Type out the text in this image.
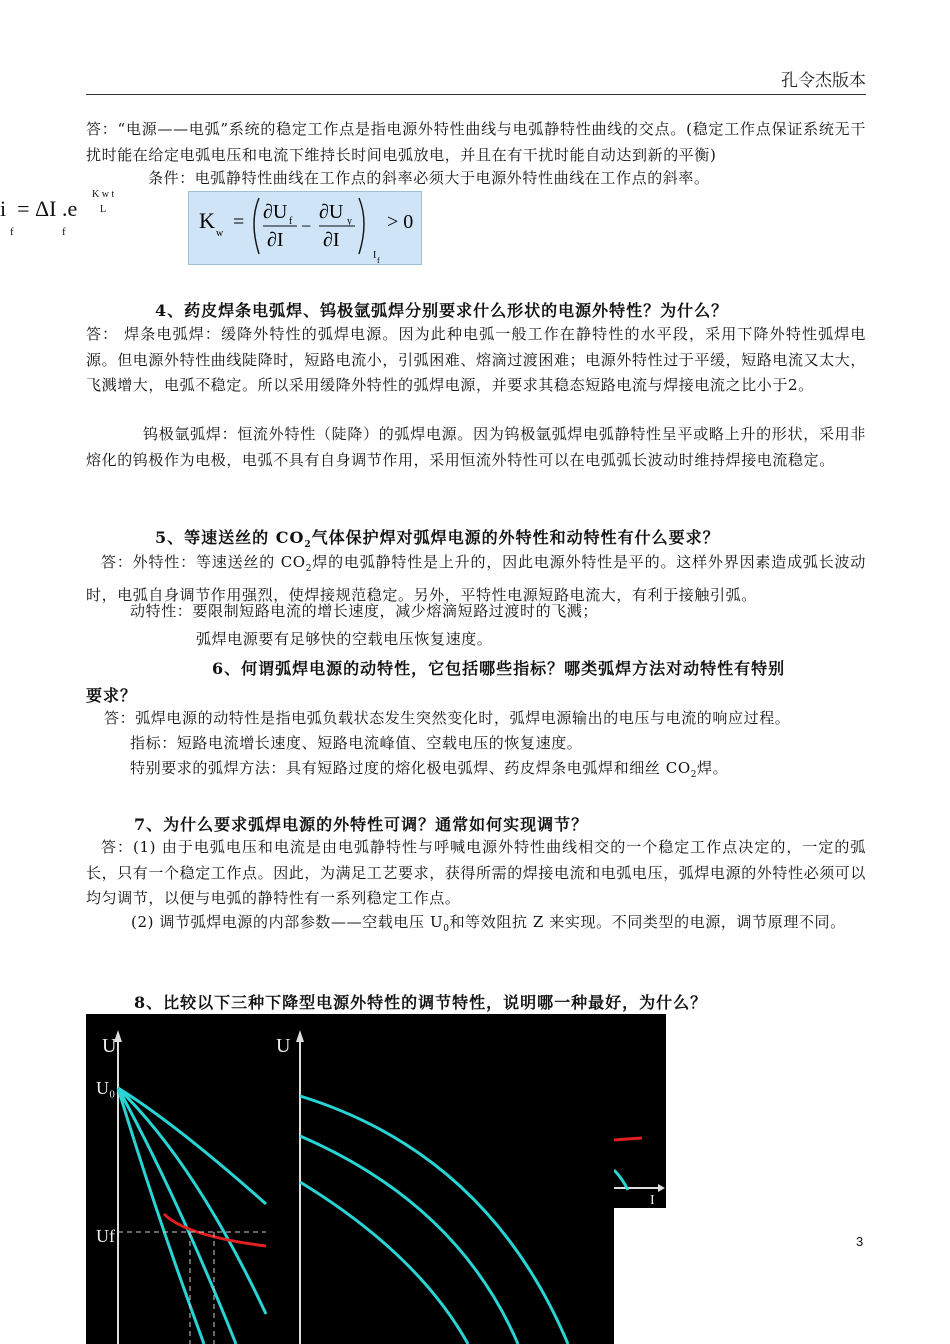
孔令杰版本

答：“电源——电弧”系统的稳定工作点是指电源外特性曲线与电弧静特性曲线的交点。(稳定工作点保证系统无干扰时能在给定电弧电压和电流下维持长时间电弧放电，并且在有干扰时能自动达到新的平衡)

条件：电弧静特性曲线在工作点的斜率必须大于电源外特性曲线在工作点的斜率。

i  = ΔI .e
f	f
K w t
L	K
w
= ∂U f
∂I
−
∂U y
∂I
I f
> 0

4、药皮焊条电弧焊、钨极氩弧焊分别要求什么形状的电源外特性？为什么？

答： 焊条电弧焊：缓降外特性的弧焊电源。因为此种电弧一般工作在静特性的水平段，采用下降外特性弧焊电源。但电源外特性曲线陡降时，短路电流小，引弧困难、熔滴过渡困难；电源外特性过于平缓，短路电流又太大，飞溅增大，电弧不稳定。所以采用缓降外特性的弧焊电源，并要求其稳态短路电流与焊接电流之比小于2。

钨极氩弧焊：恒流外特性（陡降）的弧焊电源。因为钨极氩弧焊电弧静特性呈平或略上升的形状，采用非熔化的钨极作为电极，电弧不具有自身调节作用，采用恒流外特性可以在电弧弧长波动时维持焊接电流稳定。

5、等速送丝的 $CO_2$气体保护焊对弧焊电源的外特性和动特性有什么要求？

答：外特性：等速送丝的 $CO_2$焊的电弧静特性是上升的，因此电源外特性是平的。这样外界因素造成弧长波动时，电弧自身调节作用强烈，使焊接规范稳定。另外，平特性电源短路电流大，有利于接触引弧。

动特性：要限制短路电流的增长速度，减少熔滴短路过渡时的飞溅；

弧焊电源要有足够快的空载电压恢复速度。

6、何谓弧焊电源的动特性，它包括哪些指标？哪类弧焊方法对动特性有特别

要求？

答：弧焊电源的动特性是指电弧负载状态发生突然变化时，弧焊电源输出的电压与电流的响应过程。

指标：短路电流增长速度、短路电流峰值、空载电压的恢复速度。

特别要求的弧焊方法：具有短路过度的熔化极电弧焊、药皮焊条电弧焊和细丝 $CO_2$焊。

7、为什么要求弧焊电源的外特性可调？通常如何实现调节？

答：(1) 由于电弧电压和电流是由电弧静特性与呼喊电源外特性曲线相交的一个稳定工作点决定的，一定的弧长，只有一个稳定工作点。因此，为满足工艺要求，获得所需的焊接电流和电弧电压，弧焊电源的外特性必须可以均匀调节，以便与电弧的静特性有一系列稳定工作点。

(2) 调节弧焊电源的内部参数——空载电压 $U_0$和等效阻抗 Z 来实现。不同类型的电源，调节原理不同。

8、比较以下三种下降型电源外特性的调节特性，说明哪一种最好，为什么？

U
U₀
Uf
U
I
3
